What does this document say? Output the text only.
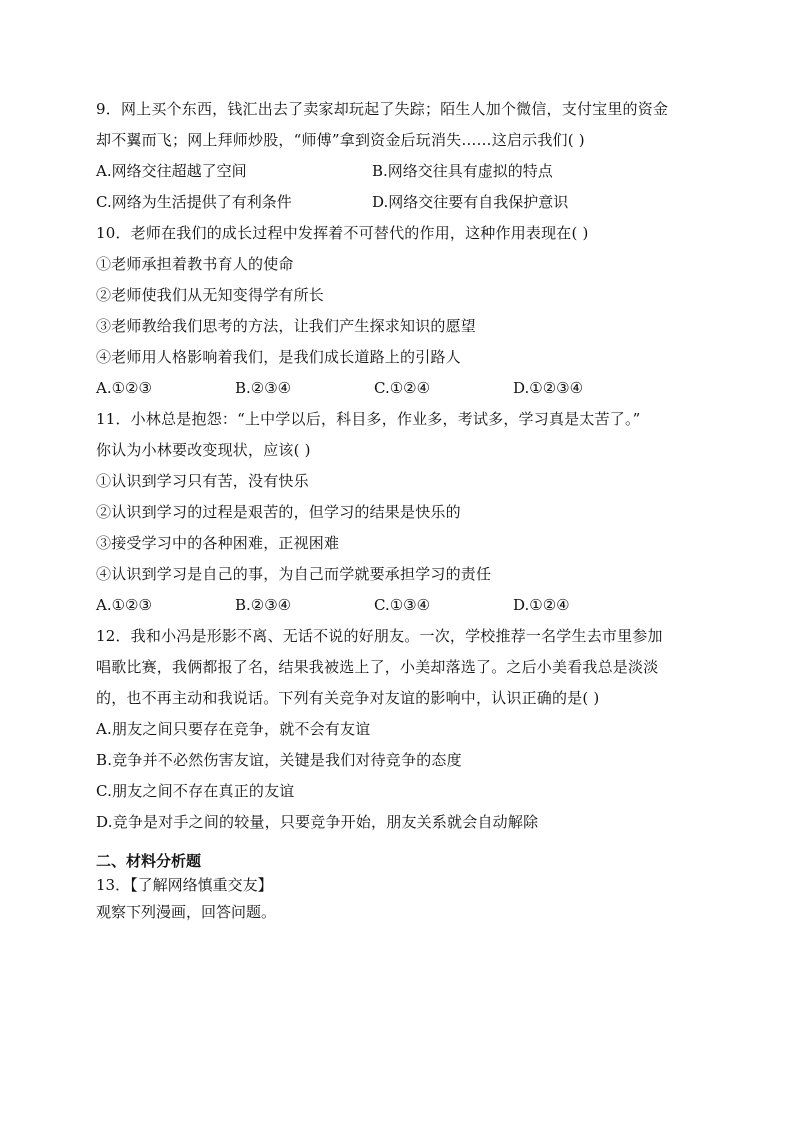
9．网上买个东西，钱汇出去了卖家却玩起了失踪；陌生人加个微信，支付宝里的资金
却不翼而飞；网上拜师炒股，“师傅”拿到资金后玩消失……这启示我们( )
A.网络交往超越了空间	B.网络交往具有虚拟的特点
C.网络为生活提供了有利条件	D.网络交往要有自我保护意识
10．老师在我们的成长过程中发挥着不可替代的作用，这种作用表现在( )
①老师承担着教书育人的使命
②老师使我们从无知变得学有所长
③老师教给我们思考的方法，让我们产生探求知识的愿望
④老师用人格影响着我们，是我们成长道路上的引路人
A.①②③	B.②③④	C.①②④	D.①②③④
11．小林总是抱怨：“上中学以后，科目多，作业多，考试多，学习真是太苦了。”
你认为小林要改变现状，应该( )
①认识到学习只有苦，没有快乐
②认识到学习的过程是艰苦的，但学习的结果是快乐的
③接受学习中的各种困难，正视困难
④认识到学习是自己的事，为自己而学就要承担学习的责任
A.①②③	B.②③④	C.①③④	D.①②④
12．我和小冯是形影不离、无话不说的好朋友。一次，学校推荐一名学生去市里参加
唱歌比赛，我俩都报了名，结果我被选上了，小美却落选了。之后小美看我总是淡淡
的，也不再主动和我说话。下列有关竞争对友谊的影响中，认识正确的是( )
A.朋友之间只要存在竞争，就不会有友谊
B.竞争并不必然伤害友谊，关键是我们对待竞争的态度
C.朋友之间不存在真正的友谊
D.竞争是对手之间的较量，只要竞争开始，朋友关系就会自动解除
二、材料分析题
13．【了解网络慎重交友】
观察下列漫画，回答问题。
